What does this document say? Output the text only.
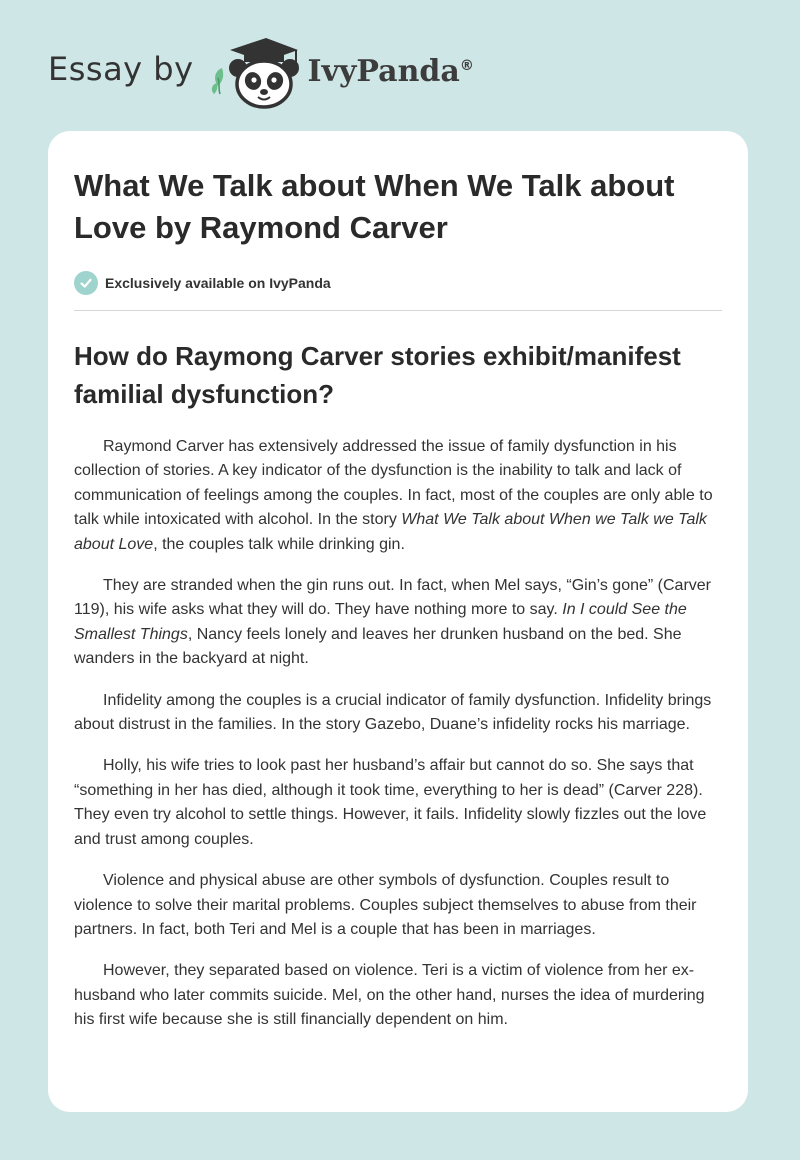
Essay by	IvyPanda®
What We Talk about When We Talk about Love by Raymond Carver
Exclusively available on IvyPanda
How do Raymong Carver stories exhibit/manifest familial dysfunction?

Raymond Carver has extensively addressed the issue of family dysfunction in his collection of stories. A key indicator of the dysfunction is the inability to talk and lack of communication of feelings among the couples. In fact, most of the couples are only able to talk while intoxicated with alcohol. In the story What We Talk about When we Talk we Talk about Love, the couples talk while drinking gin.

They are stranded when the gin runs out. In fact, when Mel says, “Gin’s gone” (Carver 119), his wife asks what they will do. They have nothing more to say. In I could See the Smallest Things, Nancy feels lonely and leaves her drunken husband on the bed. She wanders in the backyard at night.

Infidelity among the couples is a crucial indicator of family dysfunction. Infidelity brings about distrust in the families. In the story Gazebo, Duane’s infidelity rocks his marriage.

Holly, his wife tries to look past her husband’s affair but cannot do so. She says that “something in her has died, although it took time, everything to her is dead” (Carver 228). They even try alcohol to settle things. However, it fails. Infidelity slowly fizzles out the love and trust among couples.

Violence and physical abuse are other symbols of dysfunction. Couples result to violence to solve their marital problems. Couples subject themselves to abuse from their partners. In fact, both Teri and Mel is a couple that has been in marriages.

However, they separated based on violence. Teri is a victim of violence from her ex-husband who later commits suicide. Mel, on the other hand, nurses the idea of murdering his first wife because she is still financially dependent on him.
